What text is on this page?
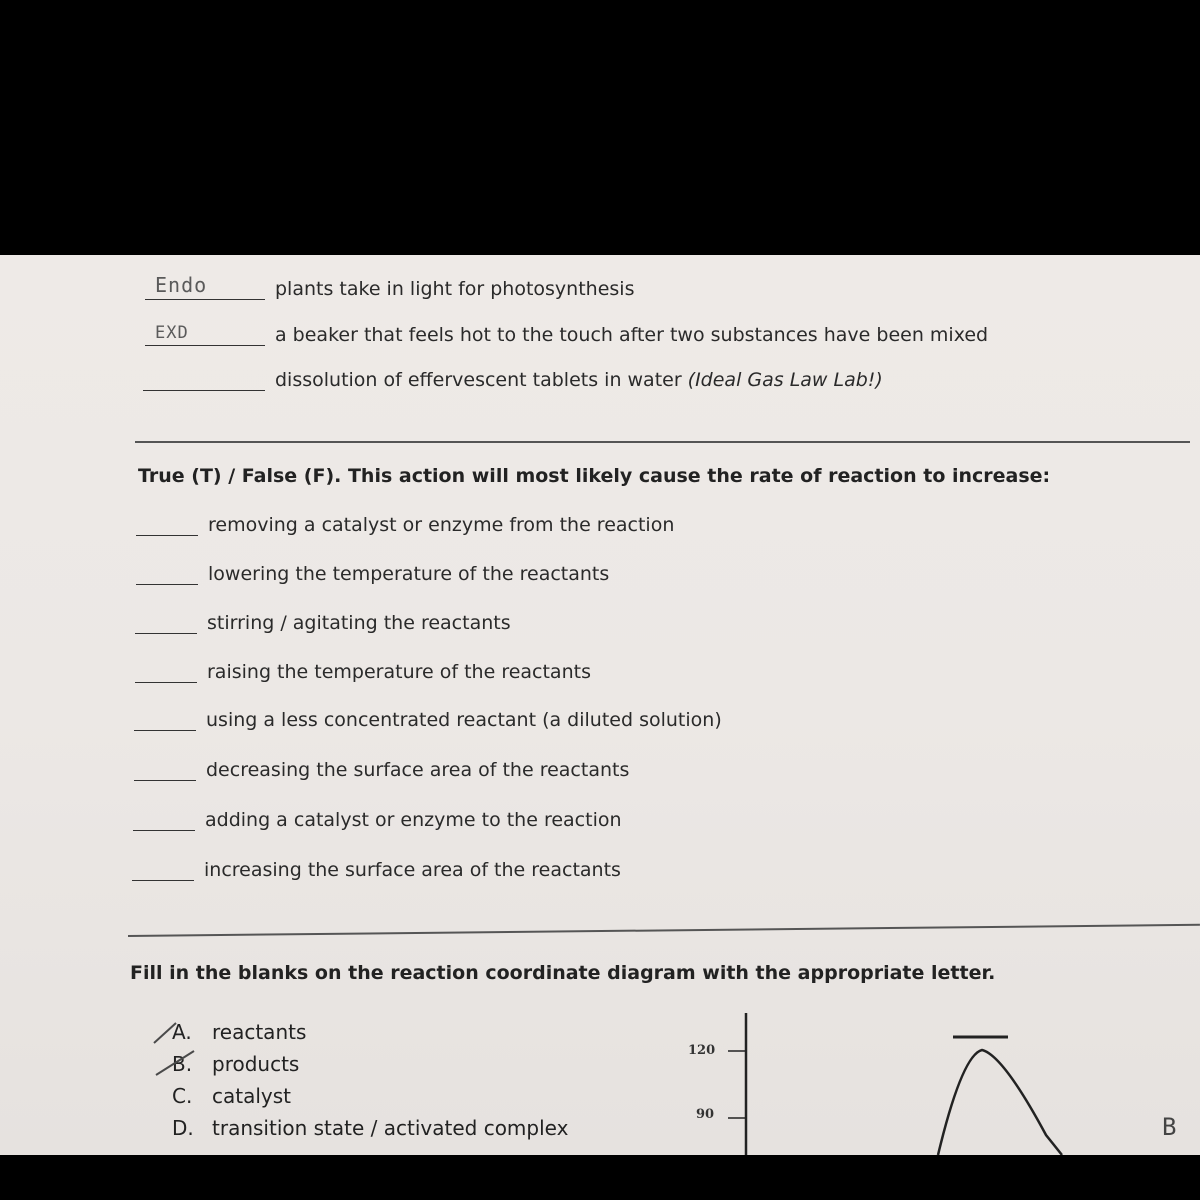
Endo	plants take in light for photosynthesis
EXD	a beaker that feels hot to the touch after two substances have been mixed
dissolution of effervescent tablets in water (Ideal Gas Law Lab!)
True (T) / False (F). This action will most likely cause the rate of reaction to increase:
removing a catalyst or enzyme from the reaction
lowering the temperature of the reactants
stirring / agitating the reactants
raising the temperature of the reactants
using a less concentrated reactant (a diluted solution)
decreasing the surface area of the reactants
adding a catalyst or enzyme to the reaction
increasing the surface area of the reactants
Fill in the blanks on the reaction coordinate diagram with the appropriate letter.
A. reactants
B. products
C. catalyst
D. transition state / activated complex
120
90	B
